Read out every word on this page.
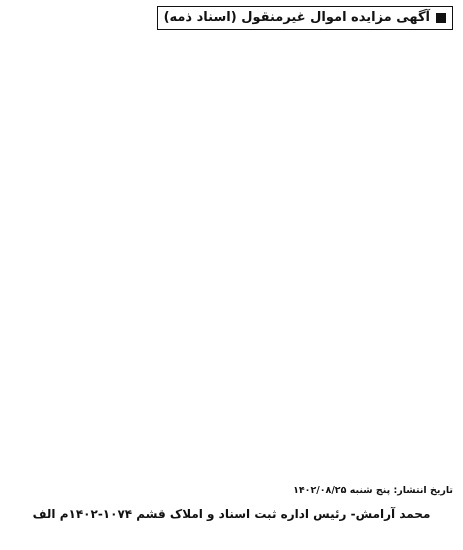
آگهی مزایده اموال غیرمنقول (اسناد ذمه)
تاریخ انتشار: پنج شنبه ۱۴۰۲/۰۸/۲۵
محمد آرامش- رئیس اداره ثبت اسناد و املاک قشم ۱۰۷۴-۱۴۰۲م الف
